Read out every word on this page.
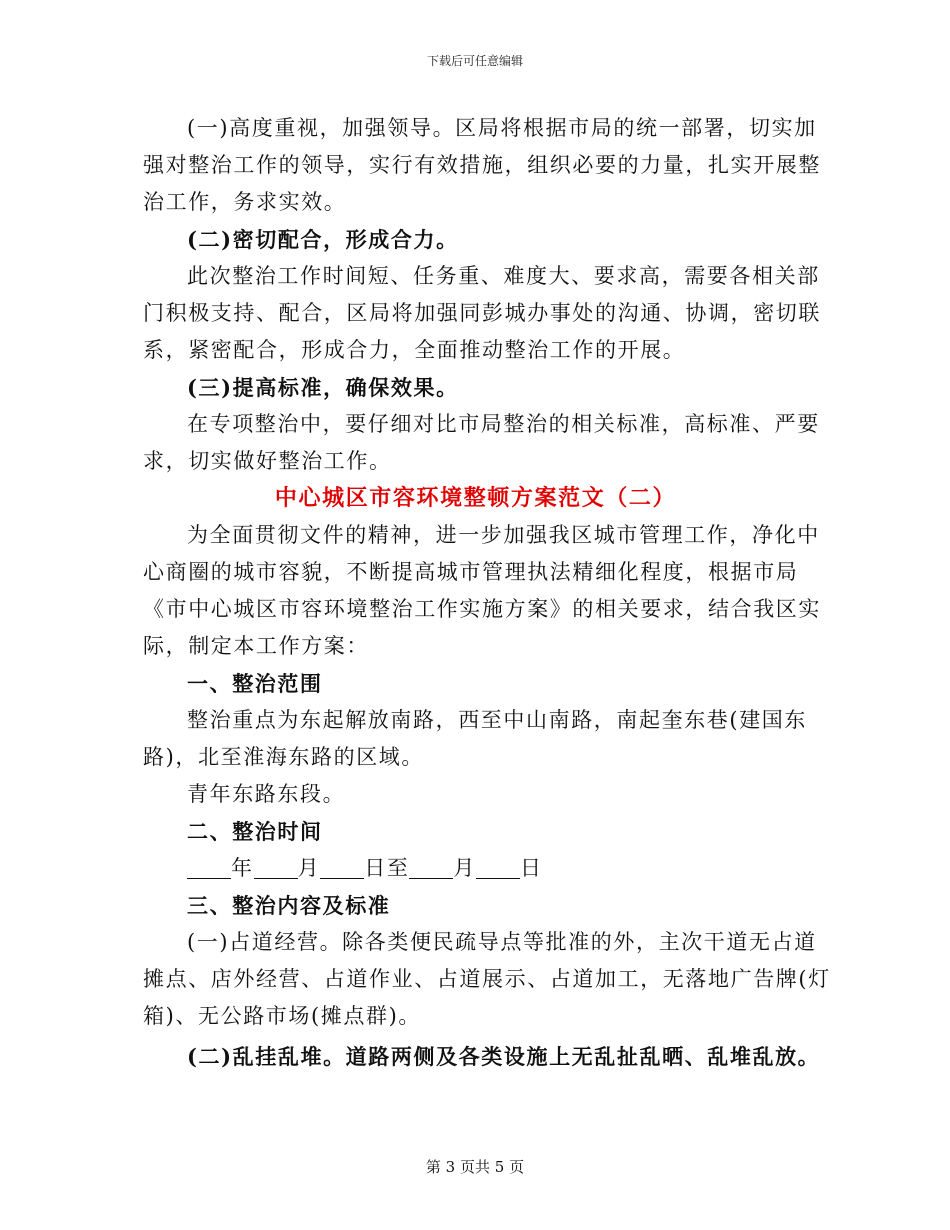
下载后可任意编辑
(一)高度重视，加强领导。区局将根据市局的统一部署，切实加
强对整治工作的领导，实行有效措施，组织必要的力量，扎实开展整
治工作，务求实效。
(二)密切配合，形成合力。
此次整治工作时间短、任务重、难度大、要求高，需要各相关部
门积极支持、配合，区局将加强同彭城办事处的沟通、协调，密切联
系，紧密配合，形成合力，全面推动整治工作的开展。
(三)提高标准，确保效果。
在专项整治中，要仔细对比市局整治的相关标准，高标准、严要
求，切实做好整治工作。
中心城区市容环境整顿方案范文（二）
为全面贯彻文件的精神，进一步加强我区城市管理工作，净化中
心商圈的城市容貌，不断提高城市管理执法精细化程度，根据市局
《市中心城区市容环境整治工作实施方案》的相关要求，结合我区实
际，制定本工作方案：
一、整治范围
整治重点为东起解放南路，西至中山南路，南起奎东巷(建国东
路)，北至淮海东路的区域。
青年东路东段。
二、整治时间
年 月 日至 月 日
三、整治内容及标准
(一)占道经营。除各类便民疏导点等批准的外，主次干道无占道
摊点、店外经营、占道作业、占道展示、占道加工，无落地广告牌(灯
箱)、无公路市场(摊点群)。
(二)乱挂乱堆。道路两侧及各类设施上无乱扯乱晒、乱堆乱放。
第 3 页共 5 页
